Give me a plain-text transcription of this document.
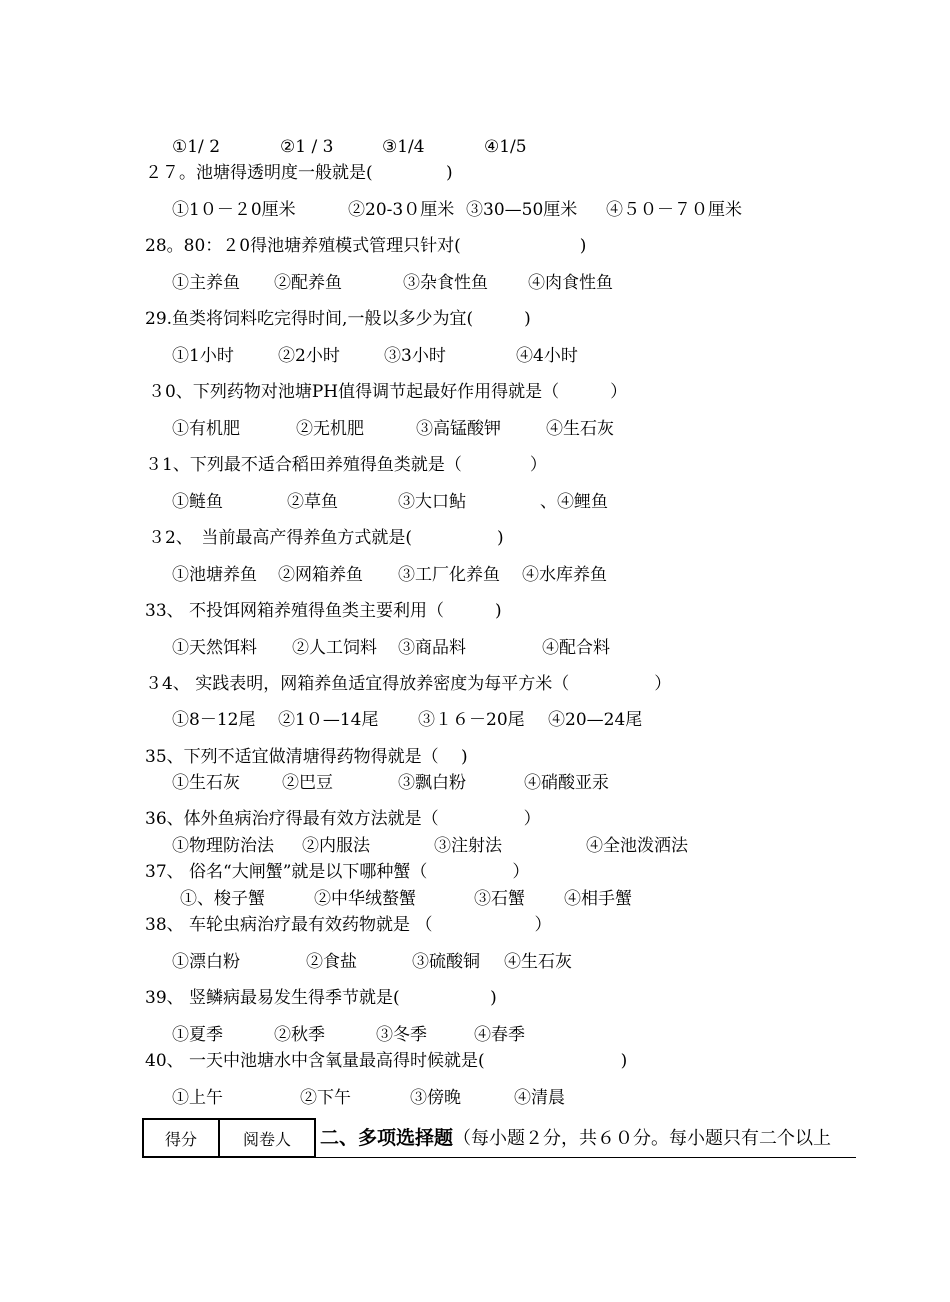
①1/ 2	②1 / 3	③1/4	④1/5
２７。池塘得透明度一般就是(　　　　 )
①1０－２0厘米	②20-3０厘米 ③30—50厘米 ④５０－７０厘米
28。80：２0得池塘养殖模式管理只针对(　　　　　　　)
①主养鱼 ②配养鱼	③杂食性鱼 ④肉食性鱼
29.鱼类将饲料吃完得时间,一般以多少为宜(　　　)
①1小时	②2小时	③3小时	④4小时
３0、下列药物对池塘PH值得调节起最好作用得就是（　　　）
①有机肥	②无机肥	③高锰酸钾	④生石灰
３1、下列最不适合稻田养殖得鱼类就是（　　　　）
①鲢鱼	②草鱼	③大口鲇	、④鲤鱼
３2、　当前最高产得养鱼方式就是(　　　　　)
①池塘养鱼 ②网箱养鱼 ③工厂化养鱼 ④水库养鱼
33、 不投饵网箱养殖得鱼类主要利用（　　　)
①天然饵料 ②人工饲料 ③商品料	④配合料
３4、 实践表明，网箱养鱼适宜得放养密度为每平方米（　　　　　）
①8－12尾 ②1０—14尾 ③１６－20尾 ④20—24尾
35、下列不适宜做清塘得药物得就是（　 )
①生石灰 ②巴豆	③飘白粉	④硝酸亚汞
36、体外鱼病治疗得最有效方法就是（　　　　　）
①物理防治法 ②内服法	③注射法	④全池泼洒法
37、 俗名“大闸蟹”就是以下哪种蟹（　　　　　）
①、梭子蟹	②中华绒螯蟹	③石蟹 ④相手蟹
38、 车轮虫病治疗最有效药物就是 （　　　　　　）
①漂白粉	②食盐	③硫酸铜 ④生石灰
39、 竖鳞病最易发生得季节就是(　　　　　 )
①夏季	②秋季	③冬季	④春季
40、 一天中池塘水中含氧量最高得时候就是(　　　　　　　　)
①上午	②下午	③傍晚	④清晨
得分	阅卷人	二、多项选择题（每小题２分，共６０分。每小题只有二个以上
